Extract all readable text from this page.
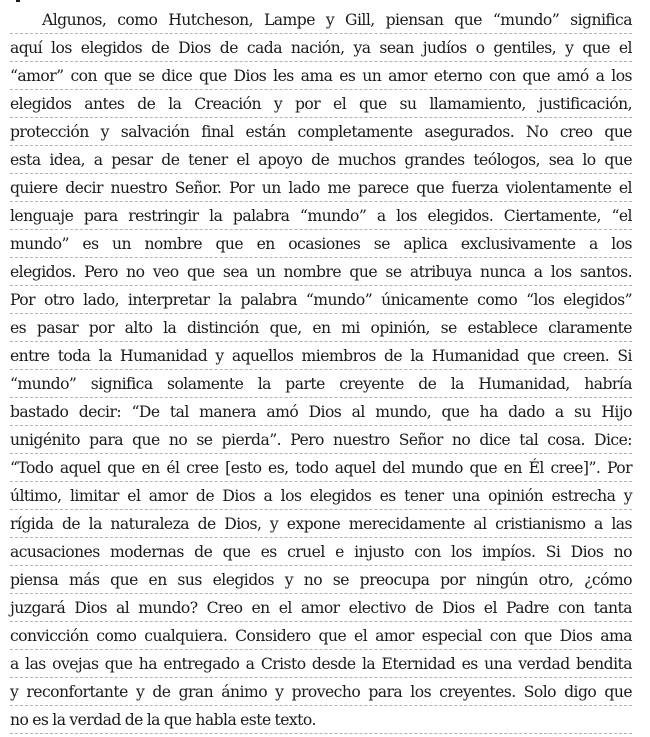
Algunos, como Hutcheson, Lampe y Gill, piensan que “mundo” significa
aquí los elegidos de Dios de cada nación, ya sean judíos o gentiles, y que el
“amor” con que se dice que Dios les ama es un amor eterno con que amó a los
elegidos antes de la Creación y por el que su llamamiento, justificación,
protección y salvación final están completamente asegurados. No creo que
esta idea, a pesar de tener el apoyo de muchos grandes teólogos, sea lo que
quiere decir nuestro Señor. Por un lado me parece que fuerza violentamente el
lenguaje para restringir la palabra “mundo” a los elegidos. Ciertamente, “el
mundo” es un nombre que en ocasiones se aplica exclusivamente a los
elegidos. Pero no veo que sea un nombre que se atribuya nunca a los santos.
Por otro lado, interpretar la palabra “mundo” únicamente como “los elegidos”
es pasar por alto la distinción que, en mi opinión, se establece claramente
entre toda la Humanidad y aquellos miembros de la Humanidad que creen. Si
“mundo” significa solamente la parte creyente de la Humanidad, habría
bastado decir: “De tal manera amó Dios al mundo, que ha dado a su Hijo
unigénito para que no se pierda”. Pero nuestro Señor no dice tal cosa. Dice:
“Todo aquel que en él cree [esto es, todo aquel del mundo que en Él cree]”. Por
último, limitar el amor de Dios a los elegidos es tener una opinión estrecha y
rígida de la naturaleza de Dios, y expone merecidamente al cristianismo a las
acusaciones modernas de que es cruel e injusto con los impíos. Si Dios no
piensa más que en sus elegidos y no se preocupa por ningún otro, ¿cómo
juzgará Dios al mundo? Creo en el amor electivo de Dios el Padre con tanta
convicción como cualquiera. Considero que el amor especial con que Dios ama
a las ovejas que ha entregado a Cristo desde la Eternidad es una verdad bendita
y reconfortante y de gran ánimo y provecho para los creyentes. Solo digo que
no es la verdad de la que habla este texto.
